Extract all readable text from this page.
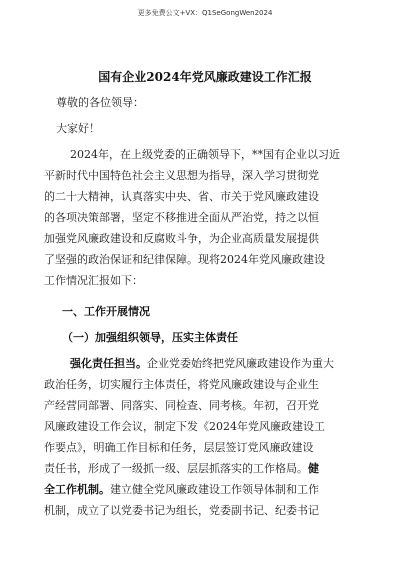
更多免费公文+VX：Q1SeGongWen2024
国有企业2024年党风廉政建设工作汇报
尊敬的各位领导：
大家好！
2024年，在上级党委的正确领导下，**国有企业以习近
平新时代中国特色社会主义思想为指导，深入学习贯彻党
的二十大精神，认真落实中央、省、市关于党风廉政建设
的各项决策部署，坚定不移推进全面从严治党，持之以恒
加强党风廉政建设和反腐败斗争，为企业高质量发展提供
了坚强的政治保证和纪律保障。现将2024年党风廉政建设
工作情况汇报如下：
一、工作开展情况
（一）加强组织领导，压实主体责任
强化责任担当。企业党委始终把党风廉政建设作为重大
政治任务，切实履行主体责任，将党风廉政建设与企业生
产经营同部署、同落实、同检查、同考核。年初，召开党
风廉政建设工作会议，制定下发《2024年党风廉政建设工
作要点》，明确工作目标和任务，层层签订党风廉政建设
责任书，形成了一级抓一级、层层抓落实的工作格局。健
全工作机制。建立健全党风廉政建设工作领导体制和工作
机制，成立了以党委书记为组长，党委副书记、纪委书记
